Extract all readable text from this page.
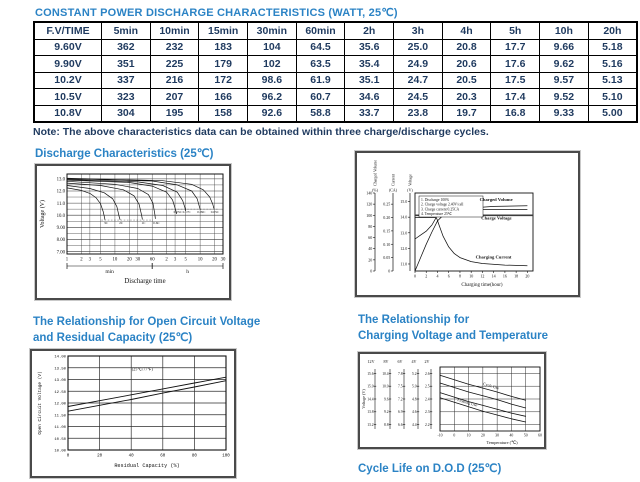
CONSTANT POWER DISCHARGE CHARACTERISTICS (WATT, 25℃)
F.V/TIME	5min	10min	15min	30min	60min	2h	3h	4h	5h	10h	20h
9.60V	362	232	183	104	64.5	35.6	25.0	20.8	17.7	9.66	5.18
9.90V	351	225	179	102	63.5	35.4	24.9	20.6	17.6	9.62	5.16
10.2V	337	216	172	98.6	61.9	35.1	24.7	20.5	17.5	9.57	5.13
10.5V	323	207	166	96.2	60.7	34.6	24.5	20.3	17.4	9.52	5.10
10.8V	304	195	158	92.6	58.8	33.7	23.8	19.7	16.8	9.33	5.00
Note: The above characteristics data can be obtained within three charge/discharge cycles.
Discharge Characteristics (25℃)
13.0
12.0
11.0
10.0
9.00
8.00
7.00
1	2 3 5 10 20 30 60 2 3 5 10 20 30
Voltage (V)
min	h
3C	2C	1C 0.6C
0.25C 0.17C 0.09C 0.05C
Discharge time
Charged Volume
(%)
0
20
40
60
80
100
120
140
Current
(CA)
0
0.05
0.10
0.15
0.20
0.25
Voltage
(V)
11.0
12.0
13.0
14.0
15.0
0 2 4 6 8 10 12 14 16 18 20
1. Discharge 100%
2. Charge voltage 2.40V/cell
3. Charge current 0.25CA
4. Temperature 25℃
Charged Volume
Charge Voltage
Charging Current
Charging time(hour)
The Relationship for Open Circuit Voltage
and Residual Capacity (25℃)
14.00
13.50
13.00
12.50
12.00
11.50
11.00
10.50
10.00
0	20	40	60	80	100
Open Circuit Voltage (V)
Residual Capacity (%)
(25℃/77℉)
The Relationship for
Charging Voltage and Temperature
12V
15.6
15.0
14.4
13.8
13.2
8V
10.4
10.0
9.6
9.2
8.8
6V
7.8
7.5
7.2
6.9
6.6
4V
5.2
5.0
4.8
4.6
4.4
2V
2.6
2.5
2.4
2.3
2.2
-10	0	10	20	30	40	50	60
Temperature (℃)
Voltage (V)
Cycle Use
Floating Use
Cycle Life on D.O.D (25℃)
